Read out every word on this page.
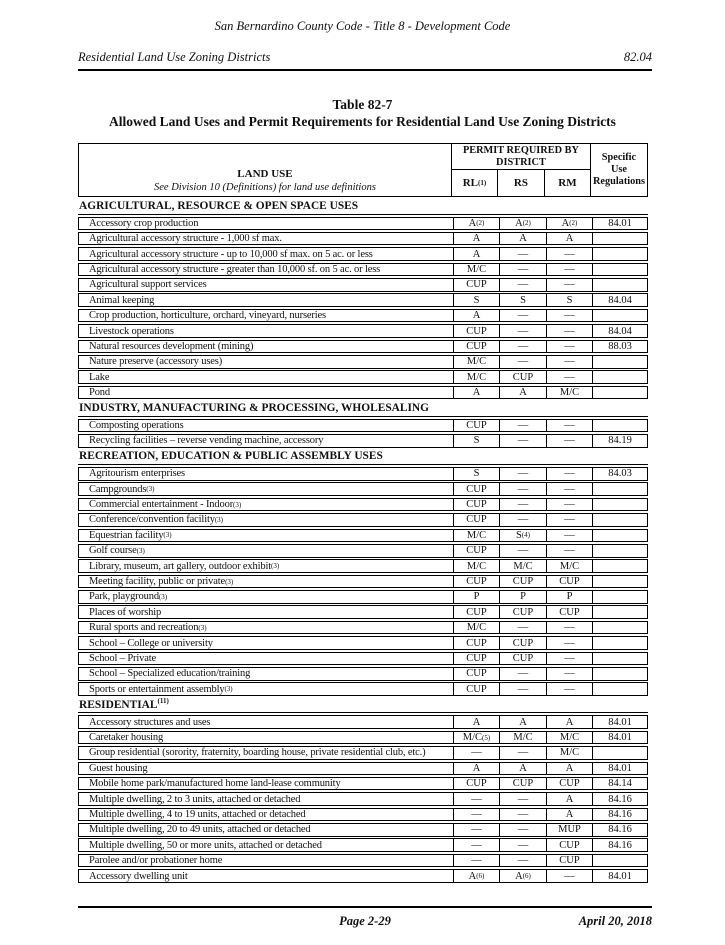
San Bernardino County Code - Title 8 - Development Code
Residential Land Use Zoning Districts	82.04
Table 82-7
Allowed Land Uses and Permit Requirements for Residential Land Use Zoning Districts
LAND USE
See Division 10 (Definitions) for land use definitions
PERMIT REQUIRED BY DISTRICT
RL (1)	RS	RM
Specific Use Regulations
AGRICULTURAL, RESOURCE & OPEN SPACE USES
Accessory crop production	A (2)	A (2)	A (2)	84.01
Agricultural accessory structure - 1,000 sf max.	A	A	A
Agricultural accessory structure - up to 10,000 sf max. on 5 ac. or less	A	—	—
Agricultural accessory structure - greater than 10,000 sf. on 5 ac. or less	M/C	—	—
Agricultural support services	CUP	—	—
Animal keeping	S	S	S	84.04
Crop production, horticulture, orchard, vineyard, nurseries	A	—	—
Livestock operations	CUP	—	—	84.04
Natural resources development (mining)	CUP	—	—	88.03
Nature preserve (accessory uses)	M/C	—	—
Lake	M/C	CUP	—
Pond	A	A	M/C
INDUSTRY, MANUFACTURING & PROCESSING, WHOLESALING
Composting operations	CUP	—	—
Recycling facilities – reverse vending machine, accessory	S	—	—	84.19
RECREATION, EDUCATION & PUBLIC ASSEMBLY USES
Agritourism enterprises	S	—	—	84.03
Campgrounds (3)	CUP	—	—
Commercial entertainment - Indoor (3)	CUP	—	—
Conference/convention facility (3)	CUP	—	—
Equestrian facility (3)	M/C	S (4)	—
Golf course (3)	CUP	—	—
Library, museum, art gallery, outdoor exhibit (3)	M/C	M/C	M/C
Meeting facility, public or private (3)	CUP	CUP	CUP
Park, playground (3)	P	P	P
Places of worship	CUP	CUP	CUP
Rural sports and recreation (3)	M/C	—	—
School – College or university	CUP	CUP	—
School – Private	CUP	CUP	—
School – Specialized education/training	CUP	—	—
Sports or entertainment assembly (3)	CUP	—	—
RESIDENTIAL$^{(11)}$
Accessory structures and uses	A	A	A	84.01
Caretaker housing	M/C (5)	M/C	M/C	84.01
Group residential (sorority, fraternity, boarding house, private residential club, etc.)	—	—	M/C
Guest housing	A	A	A	84.01
Mobile home park/manufactured home land-lease community	CUP	CUP	CUP	84.14
Multiple dwelling, 2 to 3 units, attached or detached	—	—	A	84.16
Multiple dwelling, 4 to 19 units, attached or detached	—	—	A	84.16
Multiple dwelling, 20 to 49 units, attached or detached	—	—	MUP	84.16
Multiple dwelling, 50 or more units, attached or detached	—	—	CUP	84.16
Parolee and/or probationer home	—	—	CUP
Accessory dwelling unit	A (6)	A (6)	—	84.01
Page 2-29	April 20, 2018
